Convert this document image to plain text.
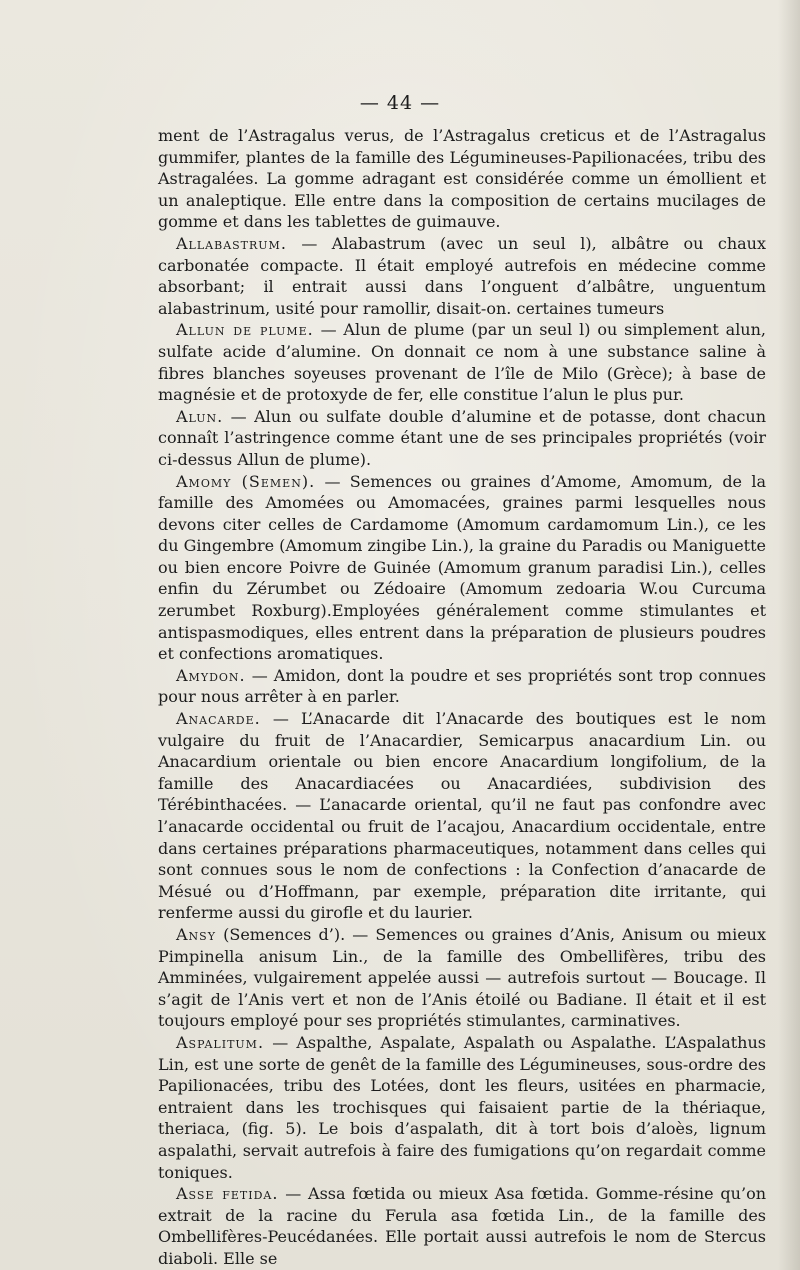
— 44 —

ment de l’Astragalus verus, de l’Astragalus creticus et de l’Astragalus gummifer, plantes de la famille des Légumineuses-Papilionacées, tribu des Astragalées. La gomme adragant est considérée comme un émollient et un analeptique. Elle entre dans la composition de certains mucilages de gomme et dans les tablettes de guimauve.

Allabastrum. — Alabastrum (avec un seul l), albâtre ou chaux carbonatée compacte. Il était employé autrefois en médecine comme absorbant; il entrait aussi dans l’onguent d’albâtre, unguentum alabastrinum, usité pour ramollir, disait-on. certaines tumeurs

Allun de plume. — Alun de plume (par un seul l) ou simplement alun, sulfate acide d’alumine. On donnait ce nom à une substance saline à fibres blanches soyeuses provenant de l’île de Milo (Grèce); à base de magnésie et de protoxyde de fer, elle constitue l’alun le plus pur.

Alun. — Alun ou sulfate double d’alumine et de potasse, dont chacun connaît l’astringence comme étant une de ses principales propriétés (voir ci-dessus Allun de plume).

Amomy (Semen). — Semences ou graines d’Amome, Amomum, de la famille des Amomées ou Amomacées, graines parmi lesquelles nous devons citer celles de Cardamome (Amomum cardamomum Lin.), ce les du Gingembre (Amomum zingibe Lin.), la graine du Paradis ou Maniguette ou bien encore Poivre de Guinée (Amomum granum paradisi Lin.), celles enfin du Zérumbet ou Zédoaire (Amomum zedoaria W.ou Curcuma zerumbet Roxburg).Employées généralement comme stimulantes et antispasmodiques, elles entrent dans la préparation de plusieurs poudres et confections aromatiques.

Amydon. — Amidon, dont la poudre et ses propriétés sont trop connues pour nous arrêter à en parler.

Anacarde. — L’Anacarde dit l’Anacarde des boutiques est le nom vulgaire du fruit de l’Anacardier, Semicarpus anacardium Lin. ou Anacardium orientale ou bien encore Anacardium longifolium, de la famille des Anacardiacées ou Anacardiées, subdivision des Térébinthacées. — L’anacarde oriental, qu’il ne faut pas confondre avec l’anacarde occidental ou fruit de l’acajou, Anacardium occidentale, entre dans certaines préparations pharmaceutiques, notamment dans celles qui sont connues sous le nom de confections : la Confection d’anacarde de Mésué ou d’Hoffmann, par exemple, préparation dite irritante, qui renferme aussi du girofle et du laurier.

Ansy (Semences d’). — Semences ou graines d’Anis, Anisum ou mieux Pimpinella anisum Lin., de la famille des Ombellifères, tribu des Amminées, vulgairement appelée aussi — autrefois surtout — Boucage. Il s’agit de l’Anis vert et non de l’Anis étoilé ou Badiane. Il était et il est toujours employé pour ses propriétés stimulantes, carminatives.

Aspalitum. — Aspalthe, Aspalate, Aspalath ou Aspalathe. L’Aspalathus Lin, est une sorte de genêt de la famille des Légumineuses, sous-ordre des Papilionacées, tribu des Lotées, dont les fleurs, usitées en pharmacie, entraient dans les trochisques qui faisaient partie de la thériaque, theriaca, (fig. 5). Le bois d’aspalath, dit à tort bois d’aloès, lignum aspalathi, servait autrefois à faire des fumigations qu’on regardait comme toniques.

Asse fetida. — Assa fœtida ou mieux Asa fœtida. Gomme-résine qu’on extrait de la racine du Ferula asa fœtida Lin., de la famille des Ombellifères-Peucédanées. Elle portait aussi autrefois le nom de Stercus diaboli. Elle se
